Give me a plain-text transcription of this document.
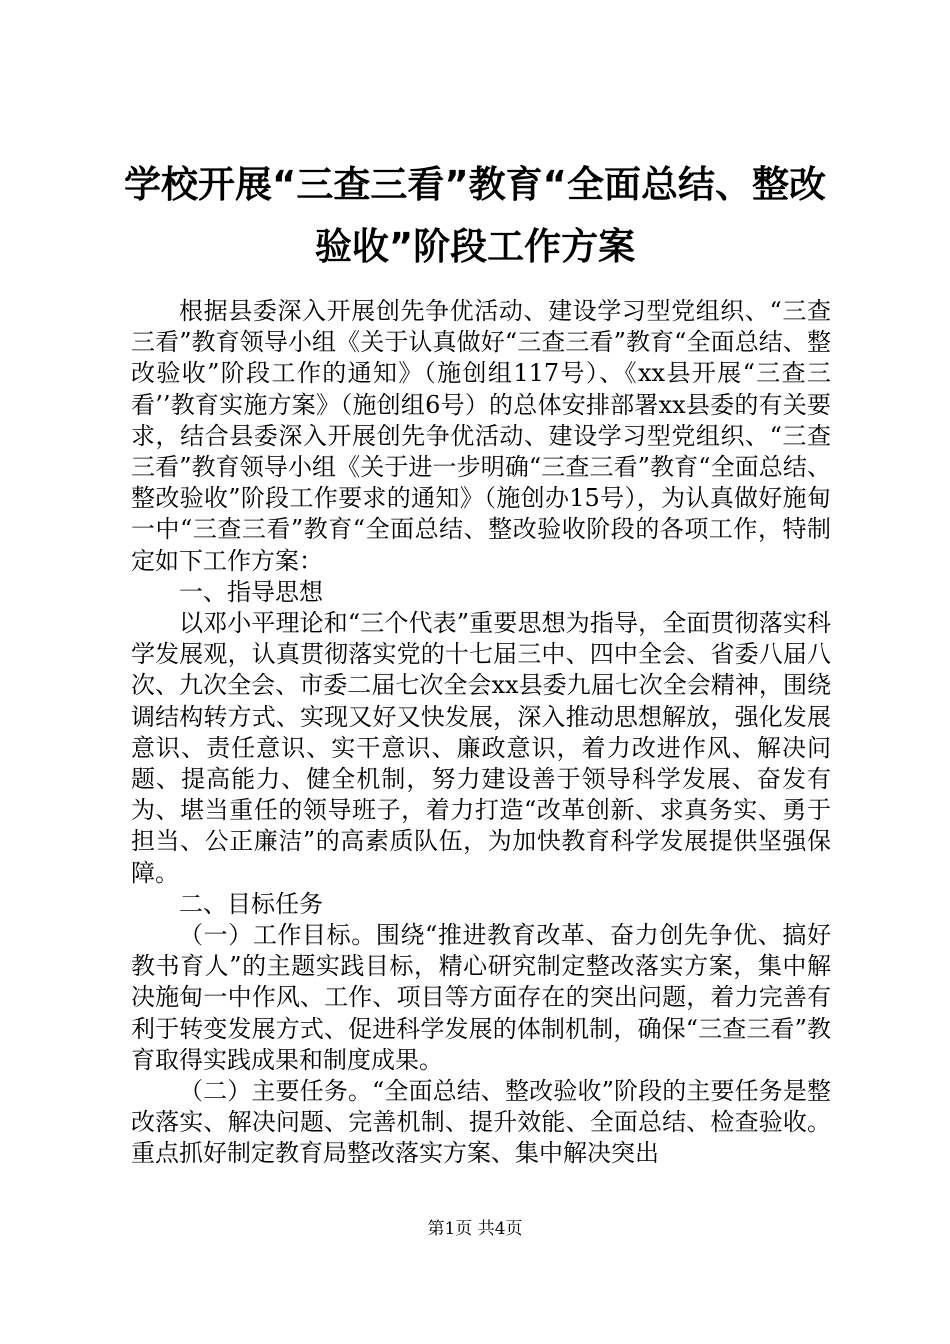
学校开展“三查三看”教育“全面总结、整改
验收”阶段工作方案

根据县委深入开展创先争优活动、建设学习型党组织、“三查三看”教育领导小组《关于认真做好“三查三看”教育“全面总结、整改验收”阶段工作的通知》（施创组117号）、《xx县开展“三查三看’’教育实施方案》（施创组6号）的总体安排部署xx县委的有关要求，结合县委深入开展创先争优活动、建设学习型党组织、“三查三看”教育领导小组《关于进一步明确“三查三看”教育“全面总结、整改验收”阶段工作要求的通知》（施创办15号），为认真做好施甸一中“三查三看”教育“全面总结、整改验收阶段的各项工作，特制定如下工作方案：

一、指导思想

以邓小平理论和“三个代表”重要思想为指导，全面贯彻落实科学发展观，认真贯彻落实党的十七届三中、四中全会、省委八届八次、九次全会、市委二届七次全会xx县委九届七次全会精神，围绕调结构转方式、实现又好又快发展，深入推动思想解放，强化发展意识、责任意识、实干意识、廉政意识，着力改进作风、解决问题、提高能力、健全机制，努力建设善于领导科学发展、奋发有为、堪当重任的领导班子，着力打造“改革创新、求真务实、勇于担当、公正廉洁”的高素质队伍，为加快教育科学发展提供坚强保障。

二、目标任务

（一）工作目标。围绕“推进教育改革、奋力创先争优、搞好教书育人”的主题实践目标，精心研究制定整改落实方案，集中解决施甸一中作风、工作、项目等方面存在的突出问题，着力完善有利于转变发展方式、促进科学发展的体制机制，确保“三查三看”教育取得实践成果和制度成果。

（二）主要任务。“全面总结、整改验收”阶段的主要任务是整改落实、解决问题、完善机制、提升效能、全面总结、检查验收。重点抓好制定教育局整改落实方案、集中解决突出

第1页 共4页
